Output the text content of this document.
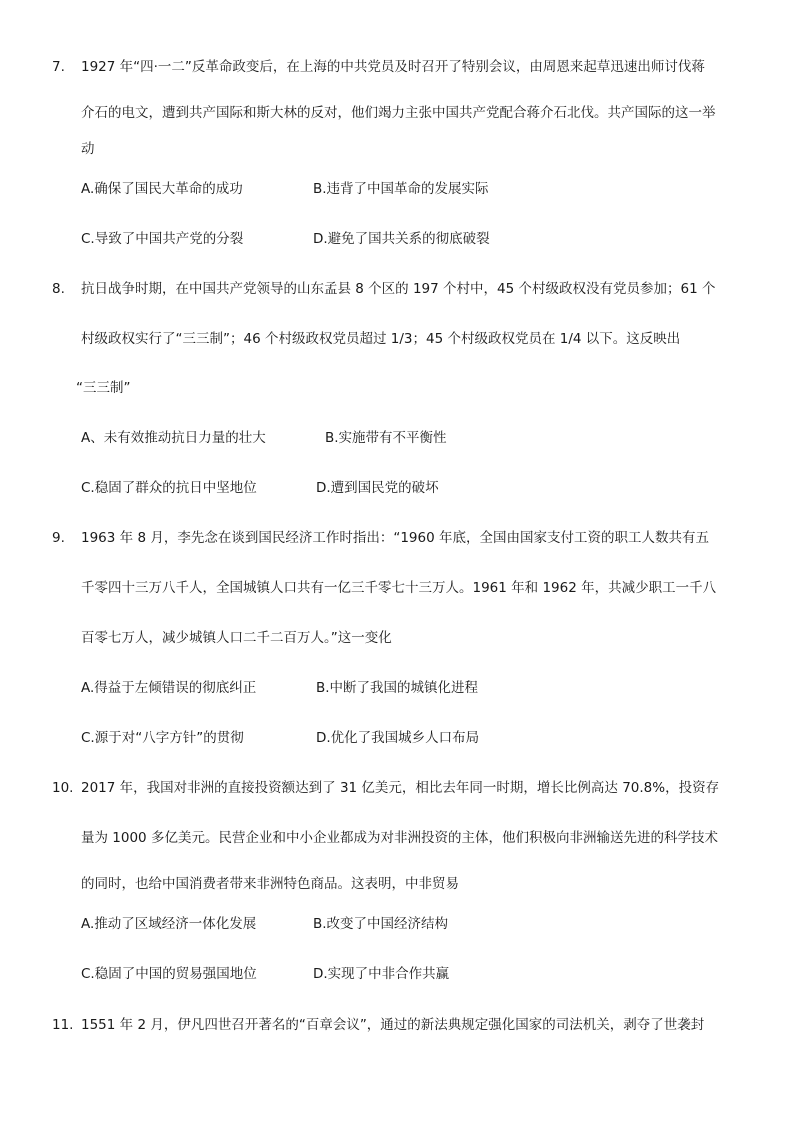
7. 1927 年“四·一二”反革命政变后，在上海的中共党员及时召开了特别会议，由周恩来起草迅速出师讨伐蒋
介石的电文，遭到共产国际和斯大林的反对，他们竭力主张中国共产党配合蒋介石北伐。共产国际的这一举
动
A.确保了国民大革命的成功	B.违背了中国革命的发展实际
C.导致了中国共产党的分裂	D.避免了国共关系的彻底破裂
8. 抗日战争时期，在中国共产党领导的山东孟县 8 个区的 197 个村中，45 个村级政权没有党员参加；61 个
村级政权实行了“三三制”；46 个村级政权党员超过 1/3；45 个村级政权党员在 1/4 以下。这反映出
“三三制”
A、未有效推动抗日力量的壮大	B.实施带有不平衡性
C.稳固了群众的抗日中坚地位	D.遭到国民党的破坏
9. 1963 年 8 月，李先念在谈到国民经济工作时指出：“1960 年底，全国由国家支付工资的职工人数共有五
千零四十三万八千人，全国城镇人口共有一亿三千零七十三万人。1961 年和 1962 年，共减少职工一千八
百零七万人，减少城镇人口二千二百万人。”这一变化
A.得益于左倾错误的彻底纠正	B.中断了我国的城镇化进程
C.源于对“八字方针”的贯彻	D.优化了我国城乡人口布局
10. 2017 年，我国对非洲的直接投资额达到了 31 亿美元，相比去年同一时期，增长比例高达 70.8%，投资存
量为 1000 多亿美元。民营企业和中小企业都成为对非洲投资的主体，他们积极向非洲输送先进的科学技术
的同时，也给中国消费者带来非洲特色商品。这表明，中非贸易
A.推动了区域经济一体化发展	B.改变了中国经济结构
C.稳固了中国的贸易强国地位	D.实现了中非合作共赢
11. 1551 年 2 月，伊凡四世召开著名的“百章会议”，通过的新法典规定强化国家的司法机关，剥夺了世袭封
